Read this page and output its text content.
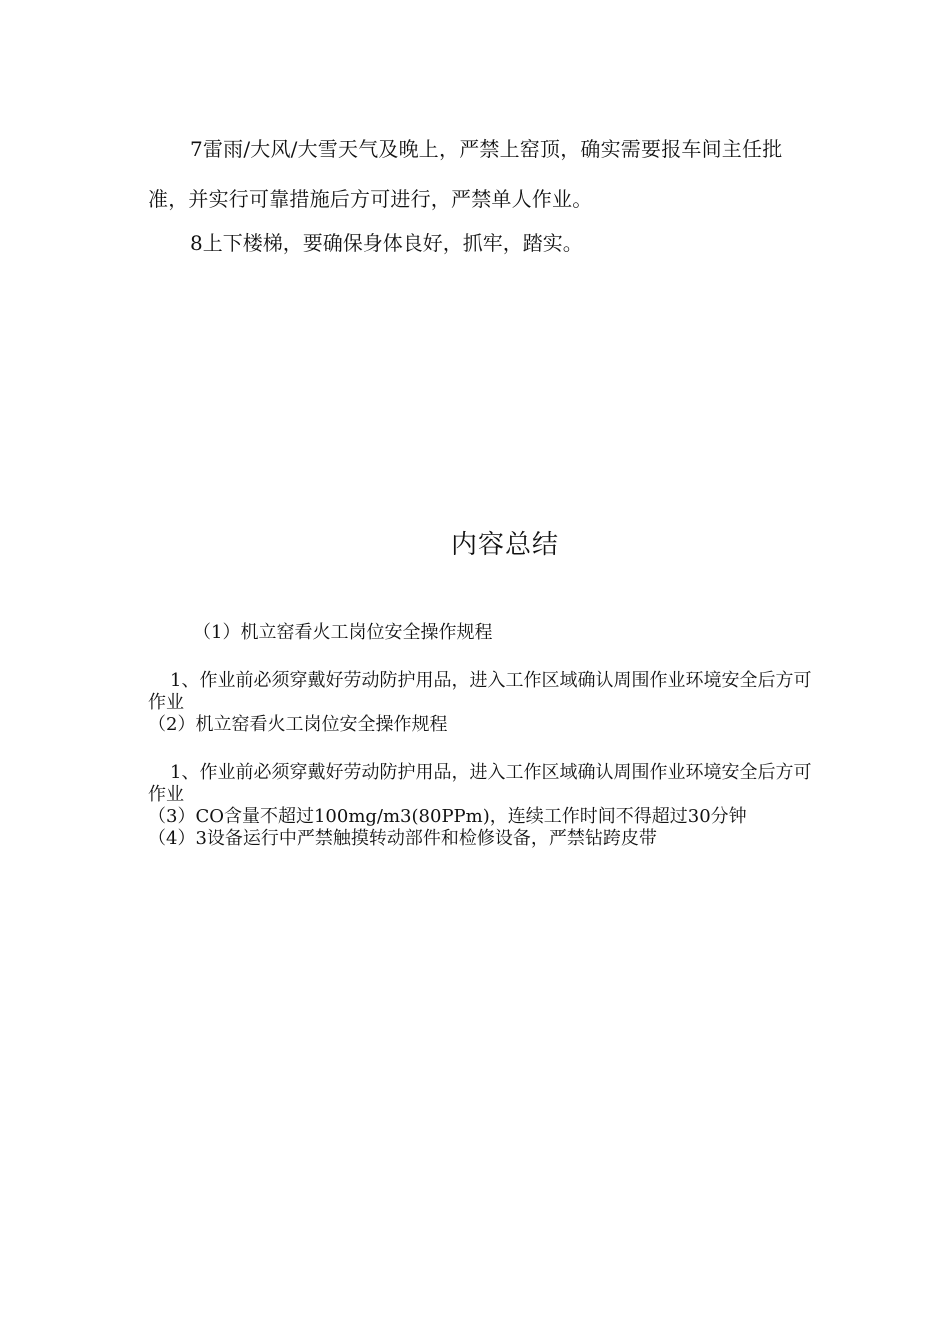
7雷雨/大风/大雪天气及晚上，严禁上窑顶，确实需要报车间主任批准，并实行可靠措施后方可进行，严禁单人作业。

8上下楼梯，要确保身体良好，抓牢，踏实。

内容总结

（1）机立窑看火工岗位安全操作规程

1、作业前必须穿戴好劳动防护用品，进入工作区域确认周围作业环境安全后方可作业

（2）机立窑看火工岗位安全操作规程

1、作业前必须穿戴好劳动防护用品，进入工作区域确认周围作业环境安全后方可作业

（3）CO含量不超过100mg/m3(80PPm)，连续工作时间不得超过30分钟

（4）3设备运行中严禁触摸转动部件和检修设备，严禁钻跨皮带
